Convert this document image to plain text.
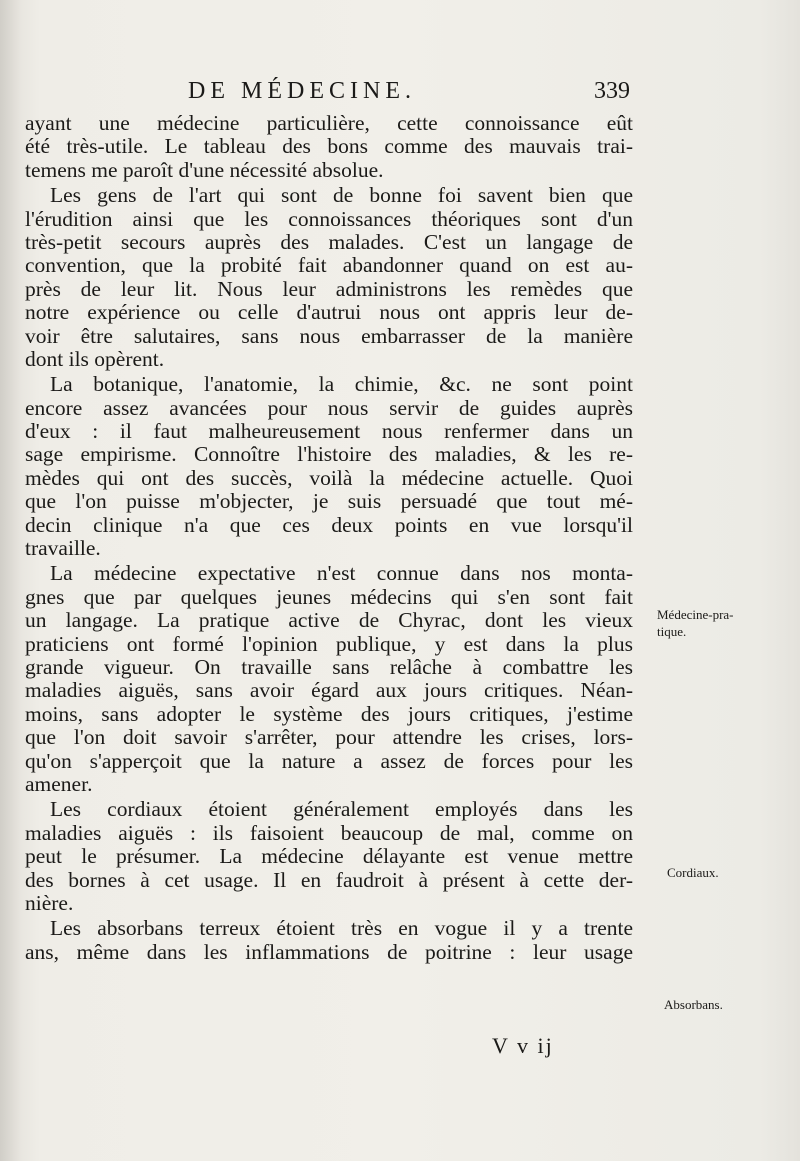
DE MÉDECINE.	339
ayant une médecine particulière, cette connoissance eût
été très-utile. Le tableau des bons comme des mauvais trai-
temens me paroît d'une nécessité absolue.
Les gens de l'art qui sont de bonne foi savent bien que
l'érudition ainsi que les connoissances théoriques sont d'un
très-petit secours auprès des malades. C'est un langage de
convention, que la probité fait abandonner quand on est au-
près de leur lit. Nous leur administrons les remèdes que
notre expérience ou celle d'autrui nous ont appris leur de-
voir être salutaires, sans nous embarrasser de la manière
dont ils opèrent.
La botanique, l'anatomie, la chimie, &c. ne sont point
encore assez avancées pour nous servir de guides auprès
d'eux : il faut malheureusement nous renfermer dans un
sage empirisme. Connoître l'histoire des maladies, & les re-
mèdes qui ont des succès, voilà la médecine actuelle. Quoi
que l'on puisse m'objecter, je suis persuadé que tout mé-
decin clinique n'a que ces deux points en vue lorsqu'il
travaille.
La médecine expectative n'est connue dans nos monta-
gnes que par quelques jeunes médecins qui s'en sont fait
un langage. La pratique active de Chyrac, dont les vieux
praticiens ont formé l'opinion publique, y est dans la plus
grande vigueur. On travaille sans relâche à combattre les
maladies aiguës, sans avoir égard aux jours critiques. Néan-
moins, sans adopter le système des jours critiques, j'estime
que l'on doit savoir s'arrêter, pour attendre les crises, lors-
qu'on s'apperçoit que la nature a assez de forces pour les
amener.
Les cordiaux étoient généralement employés dans les
maladies aiguës : ils faisoient beaucoup de mal, comme on
peut le présumer. La médecine délayante est venue mettre
des bornes à cet usage. Il en faudroit à présent à cette der-
nière.
Les absorbans terreux étoient très en vogue il y a trente
ans, même dans les inflammations de poitrine : leur usage
Médecine-pra-
tique.
Cordiaux.
Absorbans.
V v ij
